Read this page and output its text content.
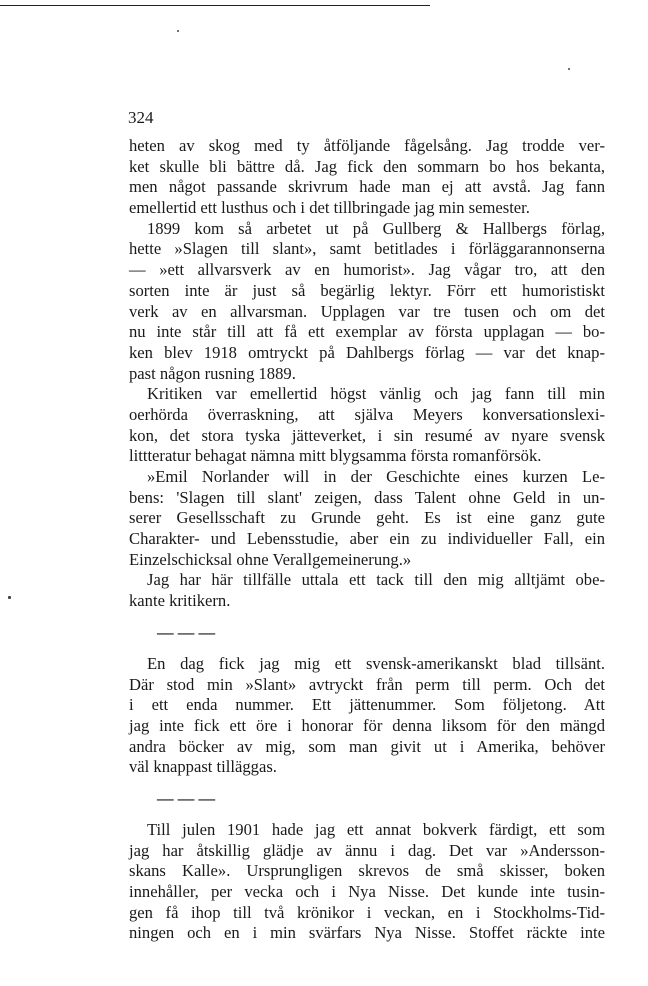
324
heten av skog med ty åtföljande fågelsång. Jag trodde ver-
ket skulle bli bättre då. Jag fick den sommarn bo hos bekanta,
men något passande skrivrum hade man ej att avstå. Jag fann
emellertid ett lusthus och i det tillbringade jag min semester.
1899 kom så arbetet ut på Gullberg & Hallbergs förlag,
hette »Slagen till slant», samt betitlades i förläggarannonserna
— »ett allvarsverk av en humorist». Jag vågar tro, att den
sorten inte är just så begärlig lektyr. Förr ett humoristiskt
verk av en allvarsman. Upplagen var tre tusen och om det
nu inte står till att få ett exemplar av första upplagan — bo-
ken blev 1918 omtryckt på Dahlbergs förlag — var det knap-
past någon rusning 1889.
Kritiken var emellertid högst vänlig och jag fann till min
oerhörda överraskning, att själva Meyers konversationslexi-
kon, det stora tyska jätteverket, i sin resumé av nyare svensk
littteratur behagat nämna mitt blygsamma första romanförsök.
»Emil Norlander will in der Geschichte eines kurzen Le-
bens: 'Slagen till slant' zeigen, dass Talent ohne Geld in un-
serer Gesellsschaft zu Grunde geht. Es ist eine ganz gute
Charakter- und Lebensstudie, aber ein zu individueller Fall, ein
Einzelschicksal ohne Verallgemeinerung.»
Jag har här tillfälle uttala ett tack till den mig alltjämt obe-
kante kritikern.
— — —
En dag fick jag mig ett svensk-amerikanskt blad tillsänt.
Där stod min »Slant» avtryckt från perm till perm. Och det
i ett enda nummer. Ett jättenummer. Som följetong. Att
jag inte fick ett öre i honorar för denna liksom för den mängd
andra böcker av mig, som man givit ut i Amerika, behöver
väl knappast tilläggas.
— — —
Till julen 1901 hade jag ett annat bokverk färdigt, ett som
jag har åtskillig glädje av ännu i dag. Det var »Andersson-
skans Kalle». Ursprungligen skrevos de små skisser, boken
innehåller, per vecka och i Nya Nisse. Det kunde inte tusin-
gen få ihop till två krönikor i veckan, en i Stockholms-Tid-
ningen och en i min svärfars Nya Nisse. Stoffet räckte inte
